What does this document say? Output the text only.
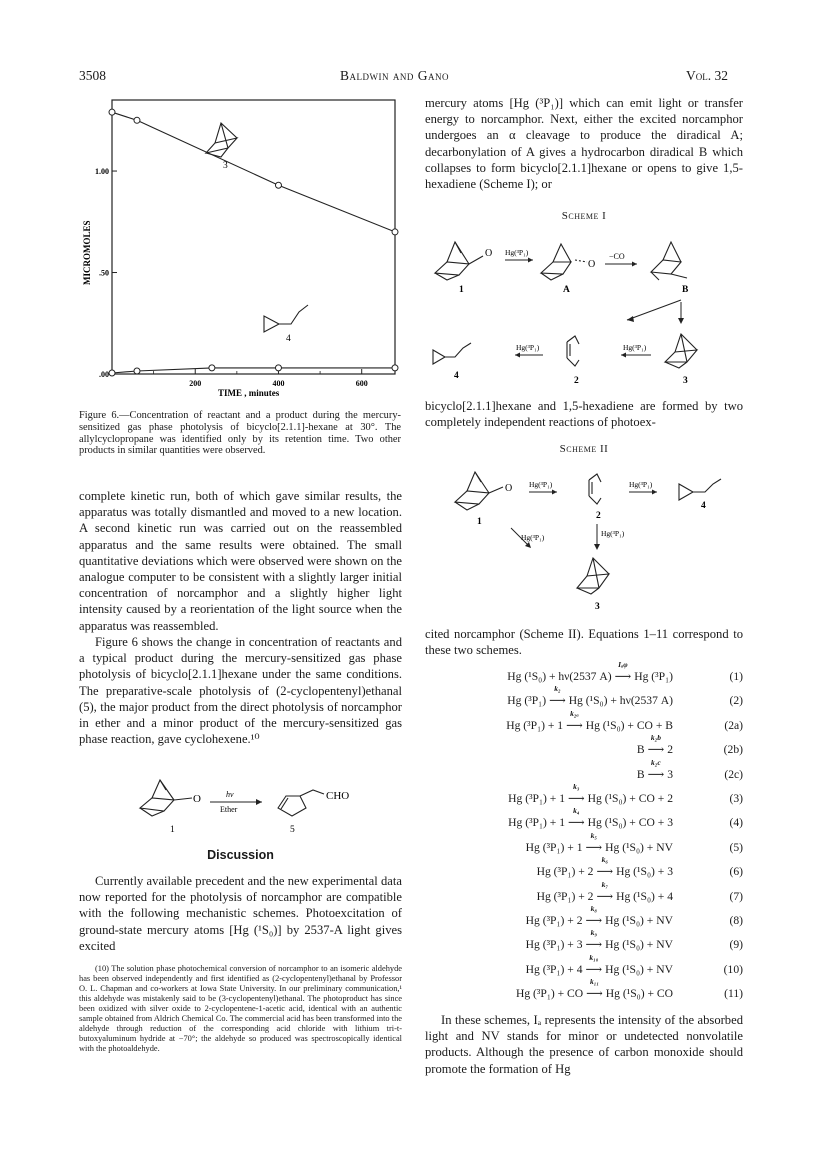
3508	Baldwin and Gano	Vol. 32
.00
.50
1.00
200	400	600
MICROMOLES
TIME , minutes
3
4
Figure 6.—Concentration of reactant and a product during the mercury-sensitized gas phase photolysis of bicyclo[2.1.1]-hexane at 30°. The allylcyclopropane was identified only by its retention time. Two other products in similar quantities were observed.
complete kinetic run, both of which gave similar results, the apparatus was totally dismantled and moved to a new location. A second kinetic run was carried out on the reassembled apparatus and the same results were obtained. The small quantitative deviations which were observed were shown on the analogue computer to be consistent with a slightly larger initial concentration of norcamphor and a slightly higher light intensity caused by a reorientation of the light source when the apparatus was reassembled.
Figure 6 shows the change in concentration of reactants and a typical product during the mercury-sensitized gas phase photolysis of bicyclo[2.1.1]hexane under the same conditions. The preparative-scale photolysis of (2-cyclopentenyl)ethanal (5), the major product from the direct photolysis of norcamphor in ether and a minor product of the mercury-sensitized gas phase reaction, gave cyclohexene.¹⁰
O	hν
Ether
CHO
1	5
Discussion
Currently available precedent and the new experimental data now reported for the photolysis of norcamphor are compatible with the following mechanistic schemes. Photoexcitation of ground-state mercury atoms [Hg (¹S₀)] by 2537-A light gives excited
(10) The solution phase photochemical conversion of norcamphor to an isomeric aldehyde has been observed independently and first identified as (2-cyclopentenyl)ethanal by Professor O. L. Chapman and co-workers at Iowa State University. In our preliminary communication,¹ this aldehyde was mistakenly said to be (3-cyclopentenyl)ethanal. The photoproduct has since been oxidized with silver oxide to 2-cyclopentene-1-acetic acid, identical with an authentic sample obtained from Aldrich Chemical Co. The commercial acid has been transformed into the aldehyde through reduction of the corresponding acid chloride with lithium tri-t-butoxyaluminum hydride at −70°; the aldehyde so produced was spectroscopically identical with the photoaldehyde.
mercury atoms [Hg (³P₁)] which can emit light or transfer energy to norcamphor. Next, either the excited norcamphor undergoes an α cleavage to produce the diradical A; decarbonylation of A gives a hydrocarbon diradical B which collapses to form bicyclo[2.1.1]hexane or opens to give 1,5-hexadiene (Scheme I); or
Scheme I
O Hg(³P₁)
O
−CO
1	A	B
Hg(³P₁)	Hg(³P₁)
4	2	3
bicyclo[2.1.1]hexane and 1,5-hexadiene are formed by two completely independent reactions of photoex-
Scheme II
O Hg(³P₁)	Hg(³P₁)
1
2
4
Hg(³P₁)	Hg(³P₁)
3
cited norcamphor (Scheme II). Equations 1–11 correspond to these two schemes.
Hg (¹S₀) + hν(2537 A) ⟶
Iₐφ
Hg (³P₁)	(1)
Hg (³P₁) ⟶
k₂
Hg (¹S₀) + hν(2537 A)	(2)
Hg (³P₁) + 1 ⟶
k₂ₐ
Hg (¹S₀) + CO + B	(2a)
B ⟶
k₂b
2	(2b)
B ⟶
k₂c
3	(2c)
Hg (³P₁) + 1 ⟶
k₃
Hg (¹S₀) + CO + 2	(3)
Hg (³P₁) + 1 ⟶
k₄
Hg (¹S₀) + CO + 3	(4)
Hg (³P₁) + 1 ⟶
k₅
Hg (¹S₀) + NV	(5)
Hg (³P₁) + 2 ⟶
k₆
Hg (¹S₀) + 3	(6)
Hg (³P₁) + 2 ⟶
k₇
Hg (¹S₀) + 4	(7)
Hg (³P₁) + 2 ⟶
k₈
Hg (¹S₀) + NV	(8)
Hg (³P₁) + 3 ⟶
k₉
Hg (¹S₀) + NV	(9)
Hg (³P₁) + 4 ⟶
k₁₀
Hg (¹S₀) + NV	(10)
Hg (³P₁) + CO ⟶
k₁₁
Hg (¹S₀) + CO	(11)
In these schemes, Iₐ represents the intensity of the absorbed light and NV stands for minor or undetected nonvolatile products. Although the presence of carbon monoxide should promote the formation of Hg
